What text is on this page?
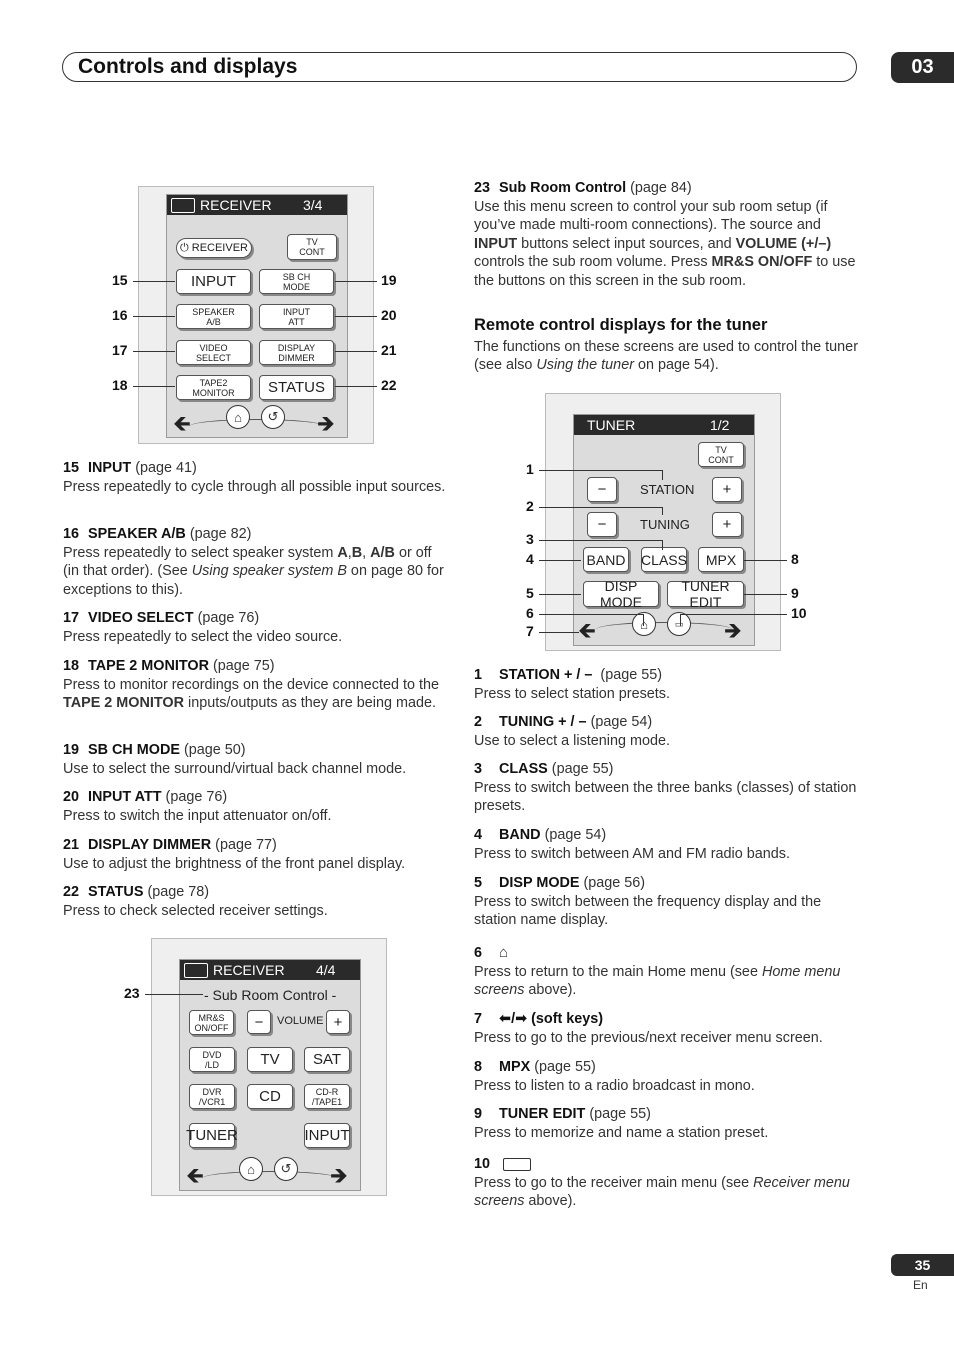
Controls and displays	03
RECEIVER 3/4
⏻ RECEIVER	TV
CONT
INPUT	SB CH
MODE
SPEAKER
A/B
INPUT
ATT
VIDEO
SELECT
DISPLAY
DIMMER
TAPE2
MONITOR	STATUS
🡸	🡺
⌂	↺
15
16
17
18
19
20
21
22
15 INPUT (page 41)
Press repeatedly to cycle through all possible input sources.
16 SPEAKER A/B (page 82)
Press repeatedly to select speaker system A,B, A/B or off (in that order). (See Using speaker system B on page 80 for exceptions to this).
17 VIDEO SELECT (page 76)
Press repeatedly to select the video source.
18 TAPE 2 MONITOR (page 75)
Press to monitor recordings on the device connected to the TAPE 2 MONITOR inputs/outputs as they are being made.
19 SB CH MODE (page 50)
Use to select the surround/virtual back channel mode.
20 INPUT ATT (page 76)
Press to switch the input attenuator on/off.
21 DISPLAY DIMMER (page 77)
Use to adjust the brightness of the front panel display.
22 STATUS (page 78)
Press to check selected receiver settings.
RECEIVER 4/4
- Sub Room Control -
MR&S
ON/OFF	−	VOLUME +
DVD
/LD	TV	SAT
DVR
/VCR1	CD	CD-R
/TAPE1
TUNER	INPUT
🡸	🡺
⌂	↺
23
23 Sub Room Control (page 84)
Use this menu screen to control your sub room setup (if you’ve made multi-room connections). The source and INPUT buttons select input sources, and VOLUME (+/–) controls the sub room volume. Press MR&S ON/OFF to use the buttons on this screen in the sub room.
Remote control displays for the tuner
The functions on these screens are used to control the tuner (see also Using the tuner on page 54).
TUNER	1/2
TV
CONT
−	STATION	+
−	TUNING	+
BAND CLASS	MPX
DISP MODE
TUNER EDIT
🡸	🡺
⌂	▭
1
2
3
4
5
6
7
8
9
10
1 STATION + / – (page 55)
Press to select station presets.
2 TUNING + / – (page 54)
Use to select a listening mode.
3 CLASS (page 55)
Press to switch between the three banks (classes) of station presets.
4 BAND (page 54)
Press to switch between AM and FM radio bands.
5 DISP MODE (page 56)
Press to switch between the frequency display and the station name display.
6 ⌂
Press to return to the main Home menu (see Home menu screens above).
7 ⬅/➡ (soft keys)
Press to go to the previous/next receiver menu screen.
8 MPX (page 55)
Press to listen to a radio broadcast in mono.
9 TUNER EDIT (page 55)
Press to memorize and name a station preset.
10
Press to go to the receiver main menu (see Receiver menu screens above).
35
En
